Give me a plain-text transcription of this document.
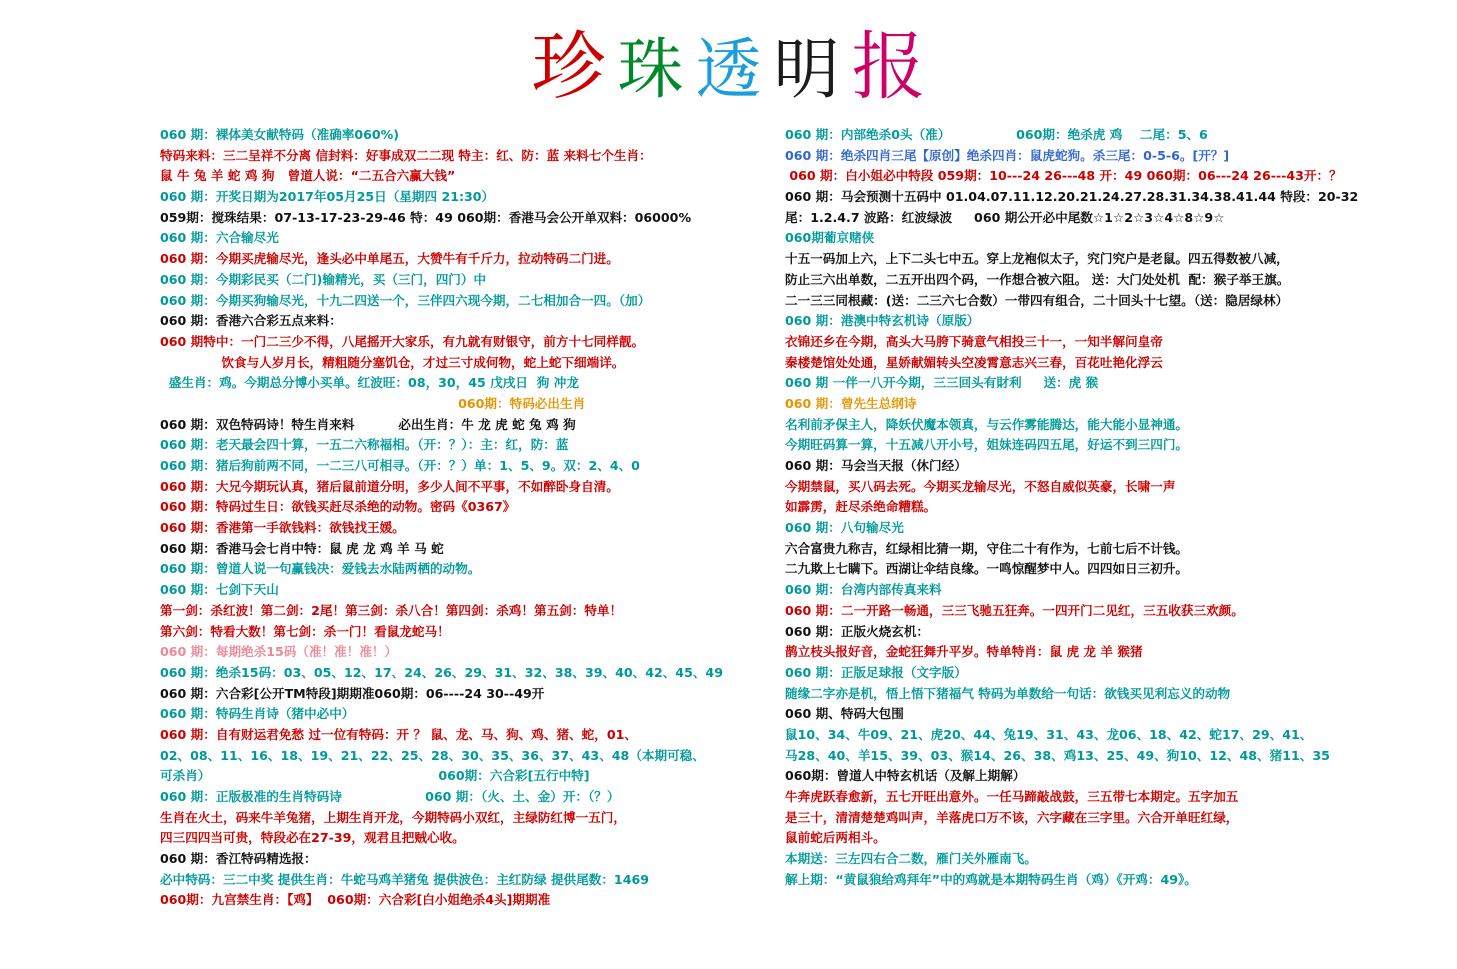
珍 珠 透 明 报
060 期：裸体美女献特码（准确率060%)
特码来料：三二呈祥不分离 信封料：好事成双二二现 特主：红、防：蓝 来料七个生肖：
鼠 牛 兔 羊 蛇 鸡 狗   曾道人说：“二五合六赢大钱”
060 期：开奖日期为2017年05月25日（星期四 21:30）
059期：搅珠结果：07-13-17-23-29-46 特：49 060期：香港马会公开单双料：06000%
060 期：六合输尽光
060 期：今期买虎输尽光，逢头必中单尾五，大赞牛有千斤力，拉动特码二门进。
060 期：今期彩民买（二门)输精光，买（三门，四门）中
060 期：今期买狗输尽光，十九二四送一个，三伴四六现今期，二七相加合一四。（加）
060 期：香港六合彩五点来料：
060 期特中：一门二三少不得，八尾摇开大家乐，有九就有财银守，前方十七同样靓。
饮食与人岁月长，精粗随分塞饥仓，才过三寸成何物，蛇上蛇下细端详。
盛生肖：鸡。今期总分博小买单。红波旺：08，30，45 戊戌日  狗 冲龙
060期：特码必出生肖
060 期：双色特码诗！特生肖来料          必出生肖：牛 龙 虎 蛇 兔 鸡 狗
060 期：老天最会四十算，一五二六称福相。（开：？）：主：红，防：蓝
060 期：猪后狗前两不同，一二三八可相寻。（开：？）单：1、5、9。双：2、4、0
060 期：大兄今期玩认真，猪后鼠前道分明，多少人间不平事，不如醉卧身自清。
060 期：特码过生日：欲钱买赶尽杀绝的动物。密码《0367》
060 期：香港第一手欲钱料：欲钱找王媛。
060 期：香港马会七肖中特：鼠 虎 龙 鸡 羊 马 蛇
060 期：曾道人说一句赢钱决：爱钱去水陆两栖的动物。
060 期：七剑下天山
第一剑：杀红波！第二剑：2尾！第三剑：杀八合！第四剑：杀鸡！第五剑：特单！
第六剑：特看大数！第七剑：杀一门！看鼠龙蛇马！
060 期：每期绝杀15码（准！准！准！）
060 期：绝杀15码：03、05、12、17、24、26、29、31、32、38、39、40、42、45、49
060 期：六合彩[公开TM特段]期期准060期：06----24 30--49开
060 期：特码生肖诗（猪中必中）
060 期：自有财运君免愁 过一位有特码：开 ？ 鼠、龙、马、狗、鸡、猪、蛇，01、
02、08、11、16、18、19、21、22、25、28、30、35、36、37、43、48（本期可稳、
可杀肖）                                                    060期：六合彩[五行中特]
060 期：正版极准的生肖特码诗                   060 期：（火、土、金）开：（？）
生肖在火土，码来牛羊兔猪，上期生肖开龙，今期特码小双红，主绿防红博一五门，
四三四四当可贵，特段必在27-39，观君且把贼心收。
060 期：香江特码精选报：
必中特码：三二中奖 提供生肖：牛蛇马鸡羊猪兔 提供波色：主红防绿 提供尾数：1469
060期：九宫禁生肖：【鸡】  060期：六合彩[白小姐绝杀4头]期期准
060 期：内部绝杀0头（准）               060期：绝杀虎 鸡    二尾：5、6
060 期：绝杀四肖三尾【原创】绝杀四肖：鼠虎蛇狗。杀三尾：0-5-6。[开？]
060 期：白小姐必中特段 059期：10---24 26---48 开：49 060期：06---24 26---43开：？
060 期：马会预测十五码中 01.04.07.11.12.20.21.24.27.28.31.34.38.41.44 特段：20-32
尾：1.2.4.7 波路：红波绿波     060 期公开必中尾数☆1☆2☆3☆4☆8☆9☆
060期葡京赌侠
十五一码加上六，上下二头七中五。穿上龙袍似太子，究门究户是老鼠。四五得数被八减，
防止三六出单数，二五开出四个码，一作想合被六阻。 送：大门处处机  配：猴子举王旗。
二一三三同根藏：(送：二三六七合数）一带四有组合，二十回头十七望。（送：隐居绿林）
060 期：港澳中特玄机诗（原版）
衣锦还乡在今期，高头大马胯下骑意气相投三十一，一知半解问皇帝
秦楼楚馆处处通，星娇献媚转头空凌霄意志兴三春，百花吐艳化浮云
060 期 一伴一八开今期，三三回头有財利     送：虎 猴
060 期：曾先生总纲诗
名利前矛保主人，降妖伏魔本领真，与云作雾能腾达，能大能小显神通。
今期旺码算一算，十五减八开小号，姐妹连码四五尾，好运不到三四门。
060 期：马会当天报（休门经）
今期禁鼠，买八码去死。今期买龙输尽光，不怒自威似英豪，长啸一声
如霹雳，赶尽杀绝命糟糕。
060 期：八句输尽光
六合富贵九称吉，红绿相比猜一期，守住二十有作为，七前七后不计钱。
二九欺上七瞒下。西湖让伞结良缘。一鸣惊醒梦中人。四四如日三初升。
060 期：台湾内部传真来料
060 期：二一开路一畅通，三三飞驰五狂奔。一四开门二见红，三五收获三欢颜。
060 期：正版火烧玄机：
鹊立枝头报好音，金蛇狂舞升平岁。特单特肖：鼠 虎 龙 羊 猴猪
060 期：正版足球报（文字版）
随缘二字亦是机，悟上悟下猪福气 特码为单数给一句话：欲钱买见利忘义的动物
060 期、特码大包围
鼠10、34、牛09、21、虎20、44、兔19、31、43、龙06、18、42、蛇17、29、41、
马28、40、羊15、39、03、猴14、26、38、鸡13、25、49、狗10、12、48、猪11、35
060期：曾道人中特玄机话（及解上期解）
牛奔虎跃春愈新，五七开旺出意外。一任马蹄敲战鼓，三五带七本期定。五字加五
是三十，清清楚楚鸡叫声，羊落虎口万不该，六字藏在三字里。六合开单旺红绿，
鼠前蛇后两相斗。
本期送：三左四右合二数，雁门关外雁南飞。
解上期：“黄鼠狼给鸡拜年”中的鸡就是本期特码生肖（鸡）《开鸡：49》。
